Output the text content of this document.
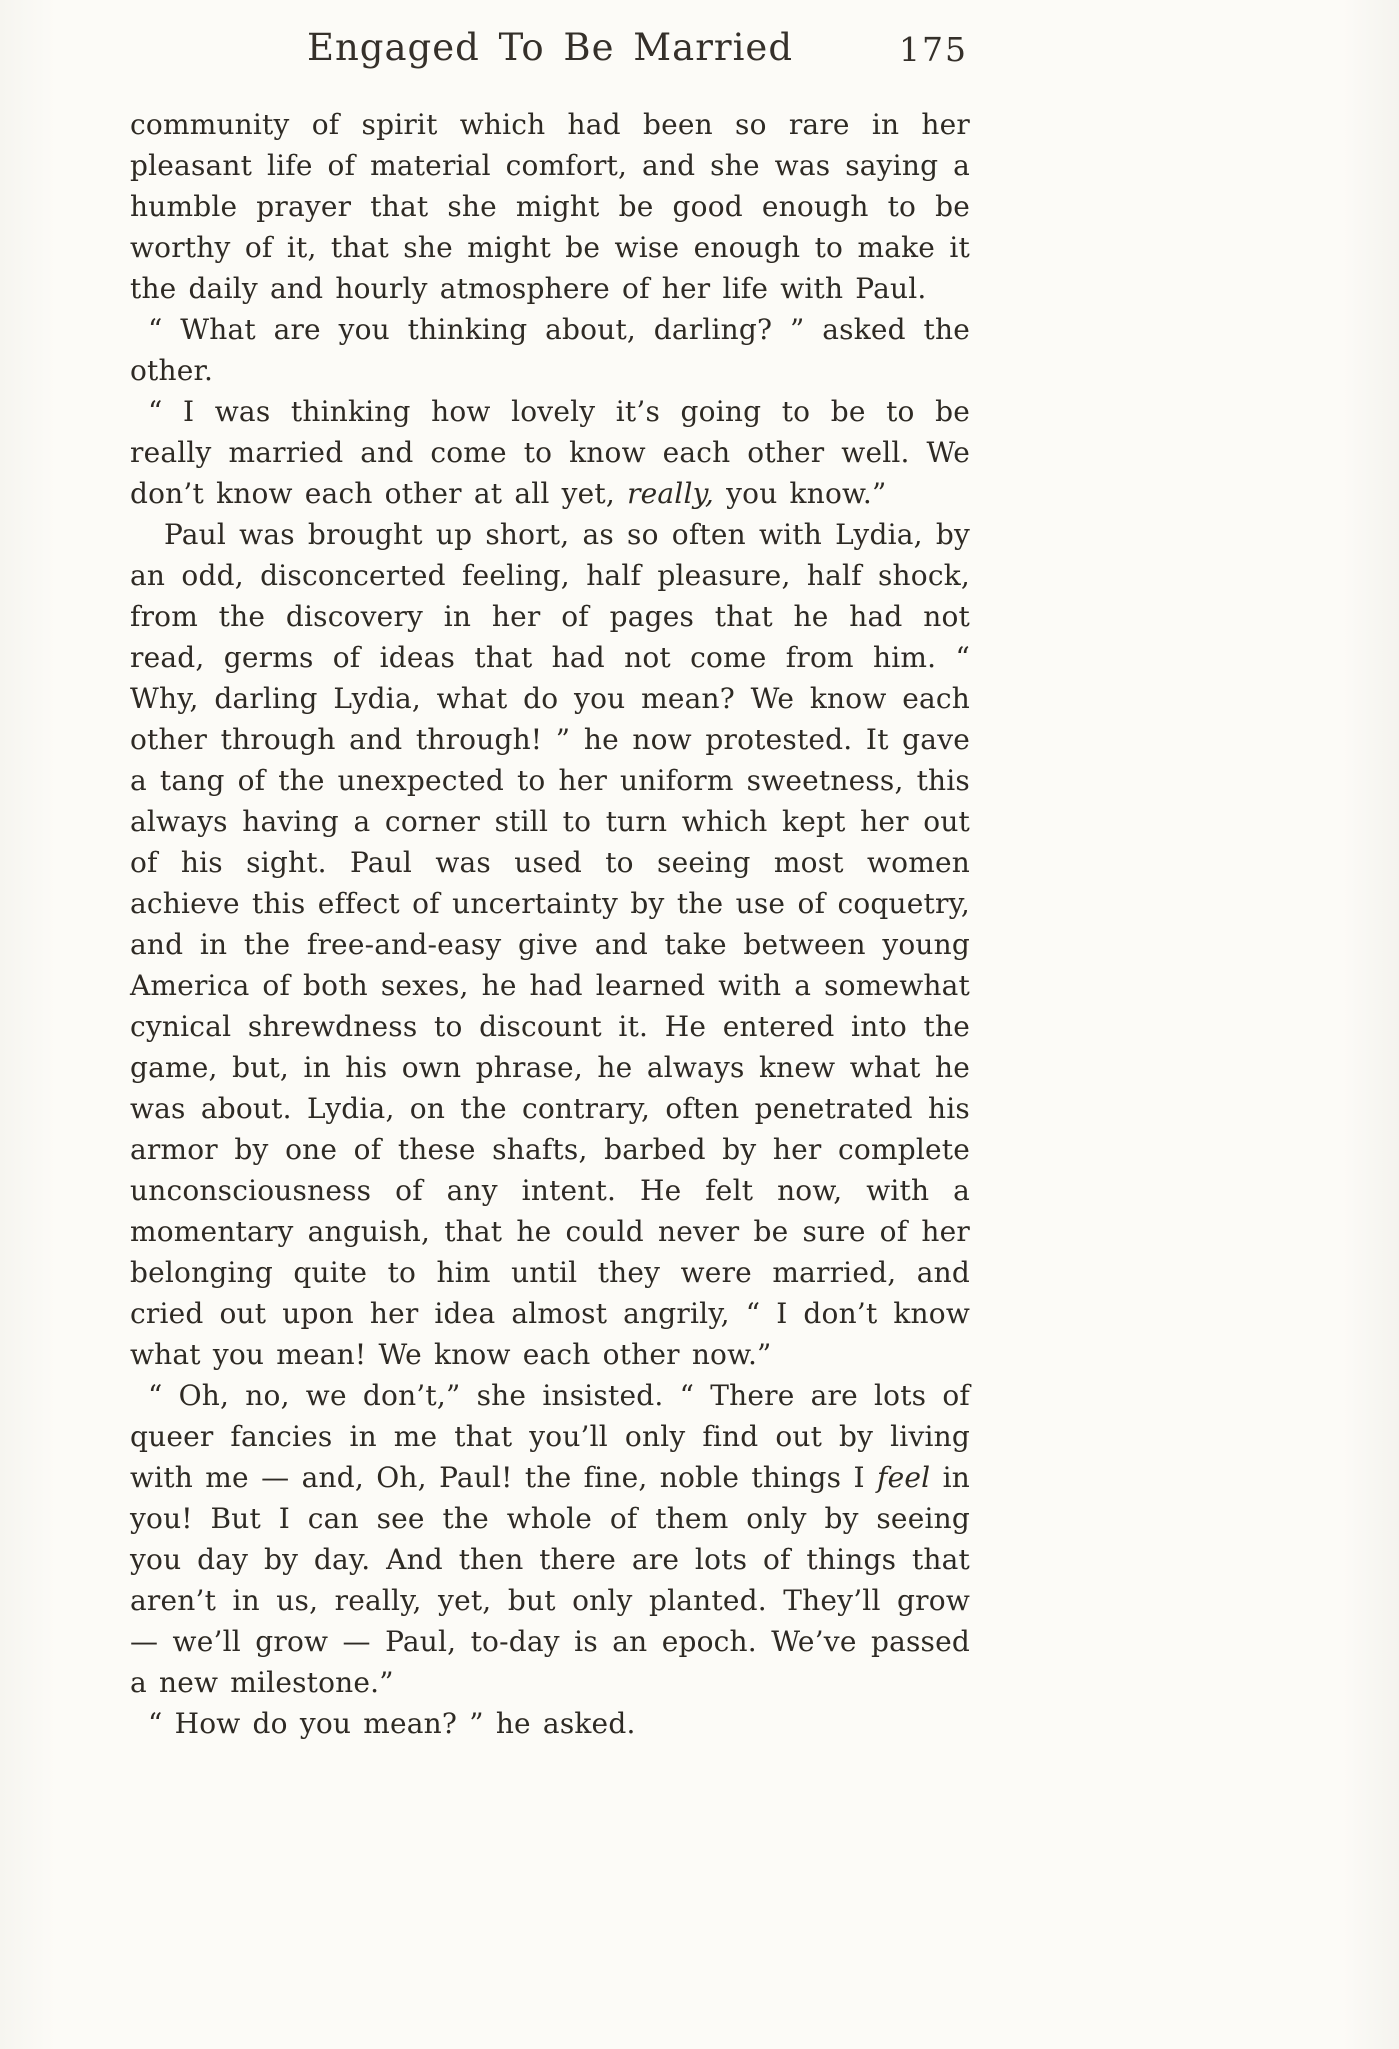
Engaged To Be Married	175

community of spirit which had been so rare in her pleasant life of material comfort, and she was saying a humble prayer that she might be good enough to be worthy of it, that she might be wise enough to make it the daily and hourly atmosphere of her life with Paul.

“ What are you thinking about, darling? ” asked the other.

“ I was thinking how lovely it’s going to be to be really married and come to know each other well. We don’t know each other at all yet, really, you know.”

Paul was brought up short, as so often with Lydia, by an odd, disconcerted feeling, half pleasure, half shock, from the discovery in her of pages that he had not read, germs of ideas that had not come from him. “ Why, darling Lydia, what do you mean? We know each other through and through! ” he now protested. It gave a tang of the unexpected to her uniform sweetness, this always having a corner still to turn which kept her out of his sight. Paul was used to seeing most women achieve this effect of uncertainty by the use of coquetry, and in the free-and-easy give and take between young America of both sexes, he had learned with a somewhat cynical shrewdness to discount it. He entered into the game, but, in his own phrase, he always knew what he was about. Lydia, on the contrary, often penetrated his armor by one of these shafts, barbed by her complete unconsciousness of any intent. He felt now, with a momentary anguish, that he could never be sure of her belonging quite to him until they were married, and cried out upon her idea almost angrily, “ I don’t know what you mean! We know each other now.”

“ Oh, no, we don’t,” she insisted. “ There are lots of queer fancies in me that you’ll only find out by living with me — and, Oh, Paul! the fine, noble things I feel in you! But I can see the whole of them only by seeing you day by day. And then there are lots of things that aren’t in us, really, yet, but only planted. They’ll grow — we’ll grow — Paul, to-day is an epoch. We’ve passed a new milestone.”

“ How do you mean? ” he asked.
